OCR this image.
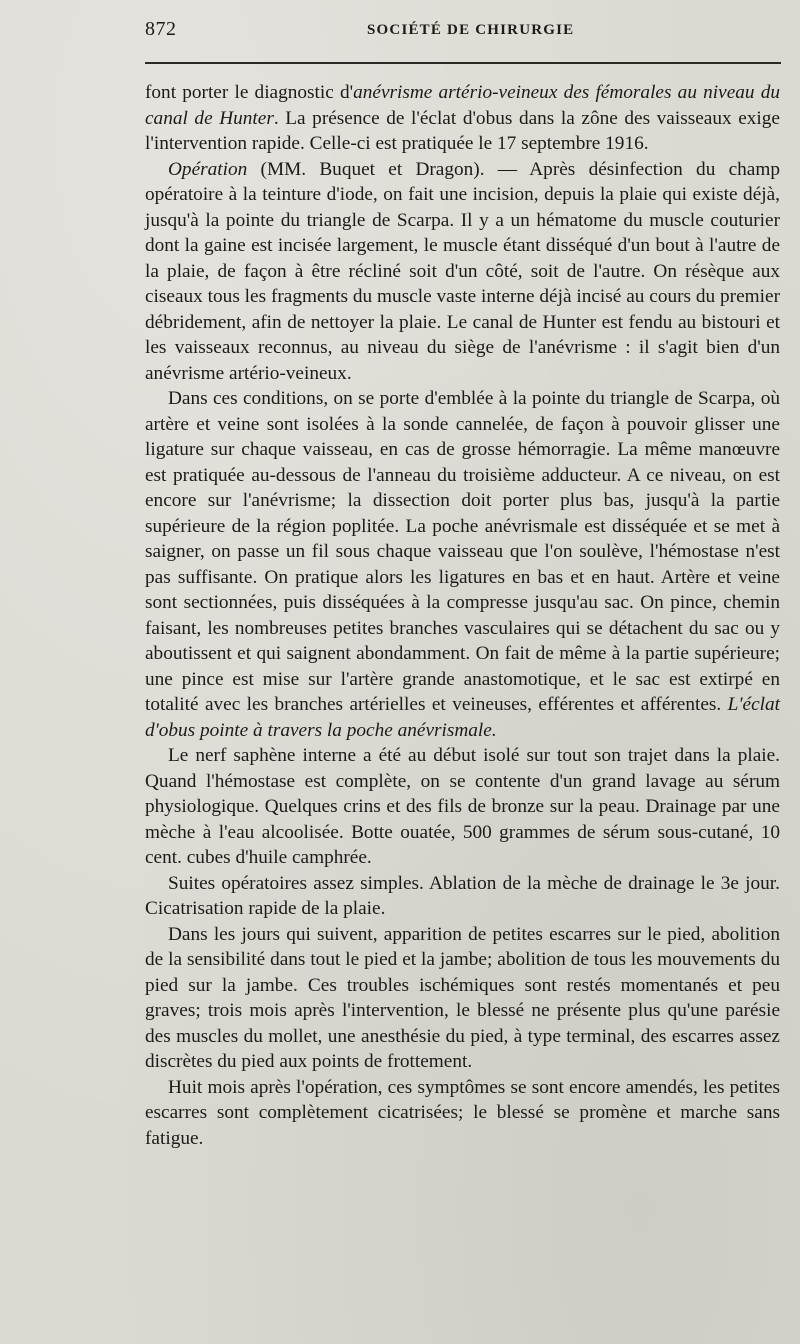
872	SOCIÉTÉ DE CHIRURGIE

font porter le diagnostic d'anévrisme artério-veineux des fémorales au niveau du canal de Hunter. La présence de l'éclat d'obus dans la zône des vaisseaux exige l'intervention rapide. Celle-ci est pratiquée le 17 septembre 1916.

Opération (MM. Buquet et Dragon). — Après désinfection du champ opératoire à la teinture d'iode, on fait une incision, depuis la plaie qui existe déjà, jusqu'à la pointe du triangle de Scarpa. Il y a un hématome du muscle couturier dont la gaine est incisée largement, le muscle étant disséqué d'un bout à l'autre de la plaie, de façon à être récliné soit d'un côté, soit de l'autre. On résèque aux ciseaux tous les fragments du muscle vaste interne déjà incisé au cours du premier débridement, afin de nettoyer la plaie. Le canal de Hunter est fendu au bistouri et les vaisseaux reconnus, au niveau du siège de l'anévrisme : il s'agit bien d'un anévrisme artério-veineux.

Dans ces conditions, on se porte d'emblée à la pointe du triangle de Scarpa, où artère et veine sont isolées à la sonde cannelée, de façon à pouvoir glisser une ligature sur chaque vaisseau, en cas de grosse hémorragie. La même manœuvre est pratiquée au-dessous de l'anneau du troisième adducteur. A ce niveau, on est encore sur l'anévrisme; la dissection doit porter plus bas, jusqu'à la partie supérieure de la région poplitée. La poche anévrismale est disséquée et se met à saigner, on passe un fil sous chaque vaisseau que l'on soulève, l'hémostase n'est pas suffisante. On pratique alors les ligatures en bas et en haut. Artère et veine sont sectionnées, puis disséquées à la compresse jusqu'au sac. On pince, chemin faisant, les nombreuses petites branches vasculaires qui se détachent du sac ou y aboutissent et qui saignent abondamment. On fait de même à la partie supérieure; une pince est mise sur l'artère grande anastomotique, et le sac est extirpé en totalité avec les branches artérielles et veineuses, efférentes et afférentes. L'éclat d'obus pointe à travers la poche anévrismale.

Le nerf saphène interne a été au début isolé sur tout son trajet dans la plaie. Quand l'hémostase est complète, on se contente d'un grand lavage au sérum physiologique. Quelques crins et des fils de bronze sur la peau. Drainage par une mèche à l'eau alcoolisée. Botte ouatée, 500 grammes de sérum sous-cutané, 10 cent. cubes d'huile camphrée.

Suites opératoires assez simples. Ablation de la mèche de drainage le 3e jour. Cicatrisation rapide de la plaie.

Dans les jours qui suivent, apparition de petites escarres sur le pied, abolition de la sensibilité dans tout le pied et la jambe; abolition de tous les mouvements du pied sur la jambe. Ces troubles ischémiques sont restés momentanés et peu graves; trois mois après l'intervention, le blessé ne présente plus qu'une parésie des muscles du mollet, une anesthésie du pied, à type terminal, des escarres assez discrètes du pied aux points de frottement.

Huit mois après l'opération, ces symptômes se sont encore amendés, les petites escarres sont complètement cicatrisées; le blessé se promène et marche sans fatigue.
